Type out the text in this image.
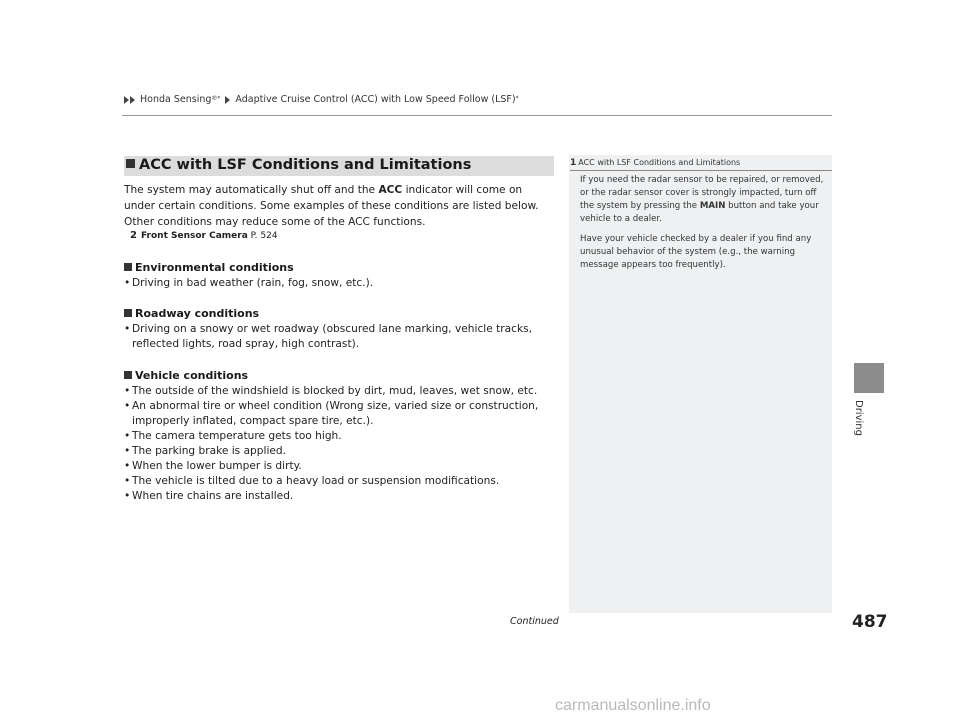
Honda Sensing ®* Adaptive Cruise Control (ACC) with Low Speed Follow (LSF) *
ACC with LSF Conditions and Limitations
The system may automatically shut off and the ACC indicator will come on under certain conditions. Some examples of these conditions are listed below. Other conditions may reduce some of the ACC functions.
2 Front Sensor Camera P. 524
Environmental conditions
• Driving in bad weather (rain, fog, snow, etc.).
Roadway conditions
• Driving on a snowy or wet roadway (obscured lane marking, vehicle tracks, reflected lights, road spray, high contrast).
Vehicle conditions
• The outside of the windshield is blocked by dirt, mud, leaves, wet snow, etc.
• An abnormal tire or wheel condition (Wrong size, varied size or construction, improperly inflated, compact spare tire, etc.).
• The camera temperature gets too high.
• The parking brake is applied.
• When the lower bumper is dirty.
• The vehicle is tilted due to a heavy load or suspension modifications.
• When tire chains are installed.
1 ACC with LSF Conditions and Limitations

If you need the radar sensor to be repaired, or removed, or the radar sensor cover is strongly impacted, turn off the system by pressing the MAIN button and take your vehicle to a dealer.

Have your vehicle checked by a dealer if you find any unusual behavior of the system (e.g., the warning message appears too frequently).

Driving
Continued	487
carmanualsonline.info
